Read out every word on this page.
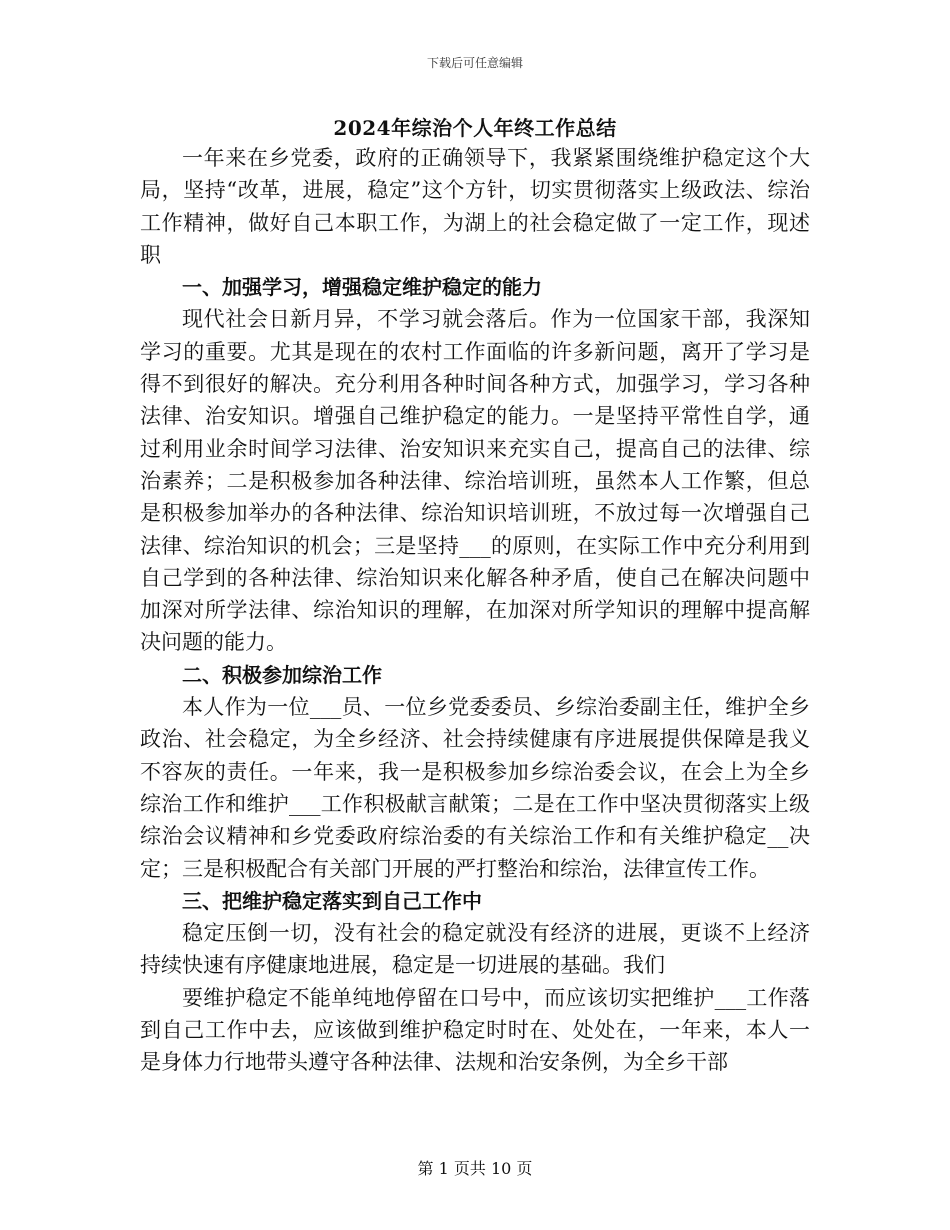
下载后可任意编辑
2024年综治个人年终工作总结

一年来在乡党委，政府的正确领导下，我紧紧围绕维护稳定这个大局，坚持“改革，进展，稳定”这个方针，切实贯彻落实上级政法、综治工作精神，做好自己本职工作，为湖上的社会稳定做了一定工作，现述职

一、加强学习，增强稳定维护稳定的能力

现代社会日新月异，不学习就会落后。作为一位国家干部，我深知学习的重要。尤其是现在的农村工作面临的许多新问题，离开了学习是得不到很好的解决。充分利用各种时间各种方式，加强学习，学习各种法律、治安知识。增强自己维护稳定的能力。一是坚持平常性自学，通过利用业余时间学习法律、治安知识来充实自己，提高自己的法律、综治素养；二是积极参加各种法律、综治培训班，虽然本人工作繁，但总是积极参加举办的各种法律、综治知识培训班，不放过每一次增强自己法律、综治知识的机会；三是坚持___的原则，在实际工作中充分利用到自己学到的各种法律、综治知识来化解各种矛盾，使自己在解决问题中加深对所学法律、综治知识的理解，在加深对所学知识的理解中提高解决问题的能力。

二、积极参加综治工作

本人作为一位___员、一位乡党委委员、乡综治委副主任，维护全乡政治、社会稳定，为全乡经济、社会持续健康有序进展提供保障是我义不容灰的责任。一年来，我一是积极参加乡综治委会议，在会上为全乡综治工作和维护___工作积极献言献策；二是在工作中坚决贯彻落实上级综治会议精神和乡党委政府综治委的有关综治工作和有关维护稳定__决定；三是积极配合有关部门开展的严打整治和综治，法律宣传工作。

三、把维护稳定落实到自己工作中

稳定压倒一切，没有社会的稳定就没有经济的进展，更谈不上经济持续快速有序健康地进展，稳定是一切进展的基础。我们

要维护稳定不能单纯地停留在口号中，而应该切实把维护___工作落到自己工作中去，应该做到维护稳定时时在、处处在，一年来，本人一是身体力行地带头遵守各种法律、法规和治安条例，为全乡干部

第 1 页共 10 页
